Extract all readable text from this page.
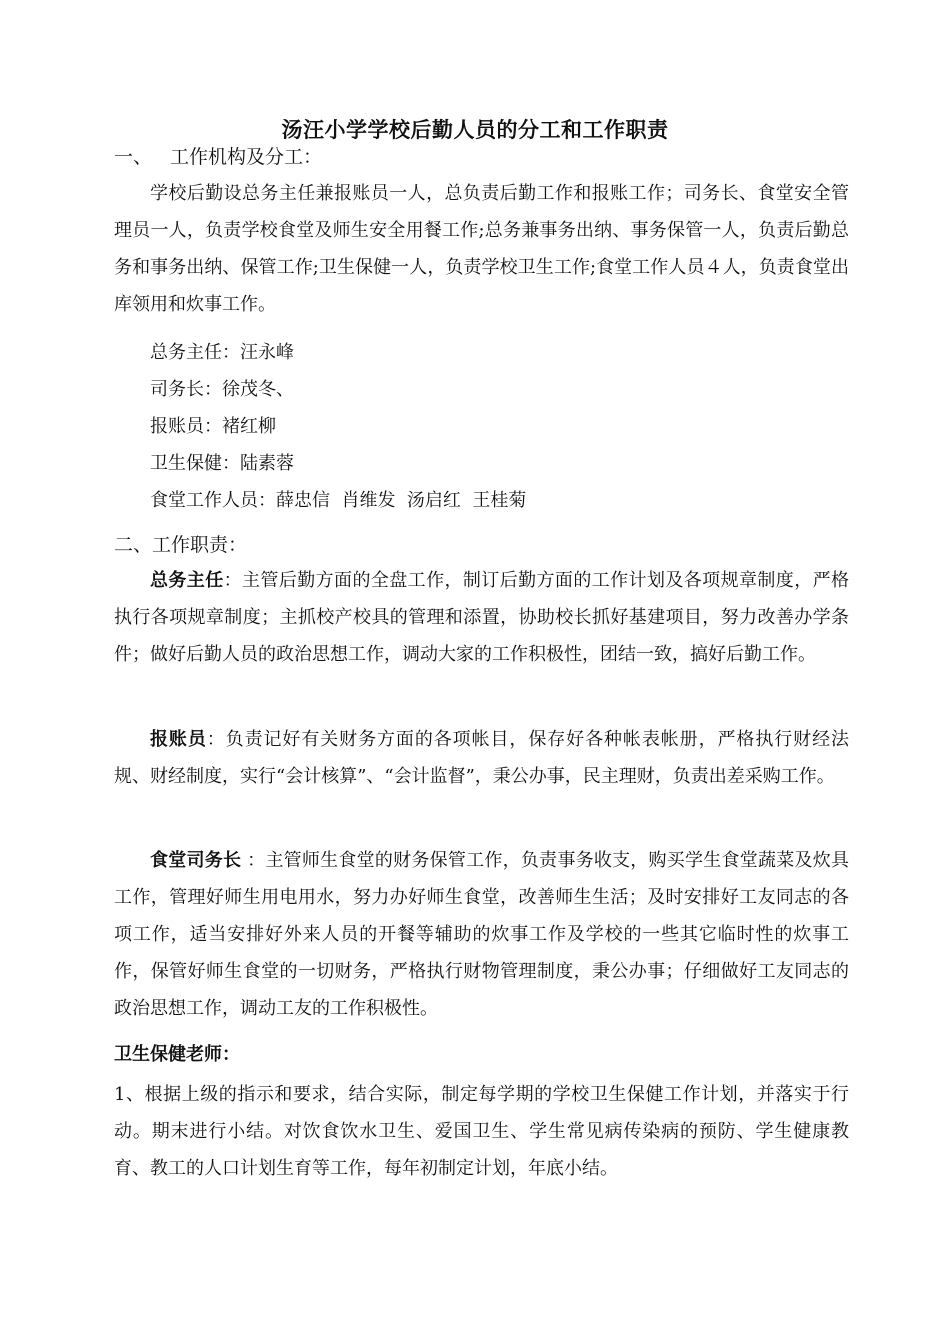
汤汪小学学校后勤人员的分工和工作职责
一、 工作机构及分工：
学校后勤设总务主任兼报账员一人，总负责后勤工作和报账工作；司务长、食堂安全管理员一人，负责学校食堂及师生安全用餐工作;总务兼事务出纳、事务保管一人，负责后勤总务和事务出纳、保管工作;卫生保健一人，负责学校卫生工作;食堂工作人员４人，负责食堂出库领用和炊事工作。
总务主任：汪永峰
司务长：徐茂冬、
报账员：褚红柳
卫生保健：陆素蓉
食堂工作人员：薛忠信  肖维发  汤启红  王桂菊
二、工作职责：
总务主任：主管后勤方面的全盘工作，制订后勤方面的工作计划及各项规章制度，严格执行各项规章制度；主抓校产校具的管理和添置，协助校长抓好基建项目，努力改善办学条件；做好后勤人员的政治思想工作，调动大家的工作积极性，团结一致，搞好后勤工作。
报账员：负责记好有关财务方面的各项帐目，保存好各种帐表帐册，严格执行财经法规、财经制度，实行“会计核算”、“会计监督”，秉公办事，民主理财，负责出差采购工作。
食堂司务长 ：主管师生食堂的财务保管工作，负责事务收支，购买学生食堂蔬菜及炊具工作，管理好师生用电用水，努力办好师生食堂，改善师生生活；及时安排好工友同志的各项工作，适当安排好外来人员的开餐等辅助的炊事工作及学校的一些其它临时性的炊事工作，保管好师生食堂的一切财务，严格执行财物管理制度，秉公办事；仔细做好工友同志的政治思想工作，调动工友的工作积极性。
卫生保健老师：
1、根据上级的指示和要求，结合实际，制定每学期的学校卫生保健工作计划，并落实于行动。期末进行小结。对饮食饮水卫生、爱国卫生、学生常见病传染病的预防、学生健康教育、教工的人口计划生育等工作，每年初制定计划，年底小结。
